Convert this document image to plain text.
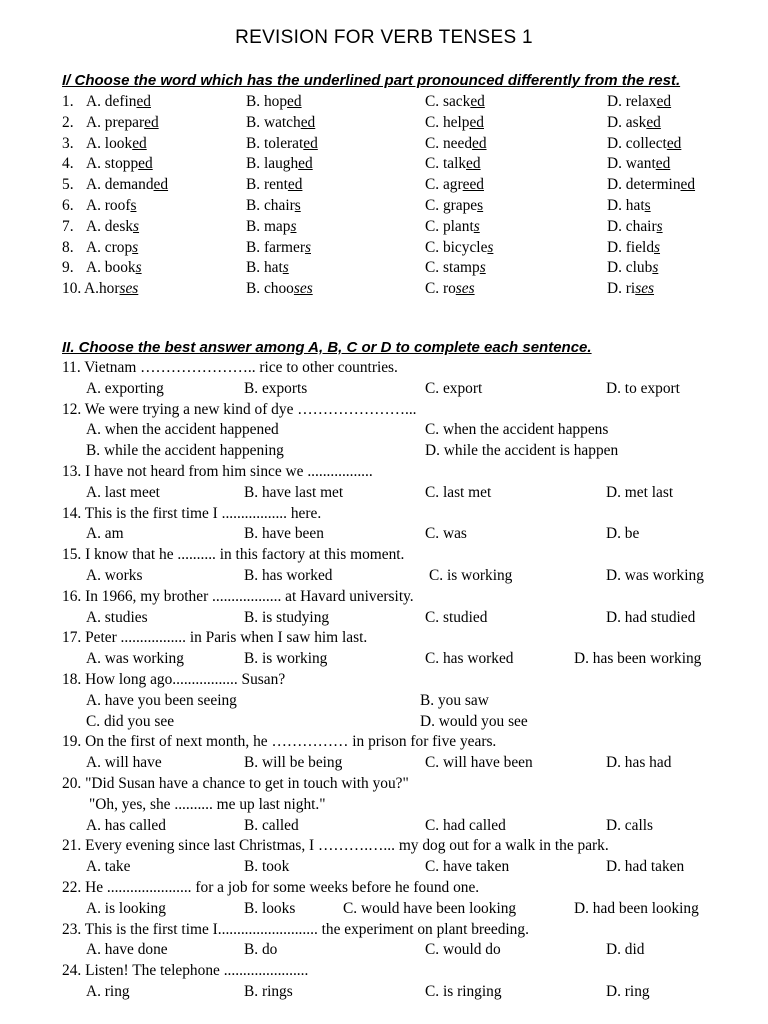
REVISION FOR VERB TENSES 1
I/ Choose the word which has the underlined part pronounced differently from the rest.
1. A. defined	B. hoped	C. sacked	D. relaxed
2. A. prepared	B. watched	C. helped	D. asked
3. A. looked	B. tolerated	C. needed	D. collected
4. A. stopped	B. laughed	C. talked	D. wanted
5. A. demanded	B. rented	C. agreed	D. determined
6. A. roofs	B. chairs	C. grapes	D. hats
7. A. desks	B. maps	C. plants	D. chairs
8. A. crops	B. farmers	C. bicycles	D. fields
9. A. books	B. hats	C. stamps	D. clubs
10. A.horses	B. chooses	C. roses	D. rises
II. Choose the best answer among A, B, C or D to complete each sentence.
11. Vietnam ………………….. rice to other countries.
A. exporting	B. exports	C. export	D. to export
12. We were trying a new kind of dye …………………...
A. when the accident happened	C. when the accident happens
B. while the accident happening	D. while the accident is happen
13. I have not heard from him since we .................
A. last meet	B. have last met	C. last met	D. met last
14. This is the first time I ................. here.
A. am	B. have been	C. was	D. be
15. I know that he .......... in this factory at this moment.
A. works	B. has worked	C. is working	D. was working
16. In 1966, my brother .................. at Havard university.
A. studies	B. is studying	C. studied	D. had studied
17. Peter ................. in Paris when I saw him last.
A. was working	B. is working	C. has worked	D. has been working
18. How long ago................. Susan?
A. have you been seeing	B. you saw
C. did you see	D. would you see
19. On the first of next month, he …………… in prison for five years.
A. will have	B. will be being	C. will have been	D. has had
20. "Did Susan have a chance to get in touch with you?"
"Oh, yes, she .......... me up last night."
A. has called	B. called	C. had called	D. calls
21. Every evening since last Christmas, I ……….…... my dog out for a walk in the park.
A. take	B. took	C. have taken	D. had taken
22. He ...................... for a job for some weeks before he found one.
A. is looking	B. looks	C. would have been looking	D. had been looking
23. This is the first time I.......................... the experiment on plant breeding.
A. have done	B. do	C. would do	D. did
24. Listen! The telephone ......................
A. ring	B. rings	C. is ringing	D. ring
